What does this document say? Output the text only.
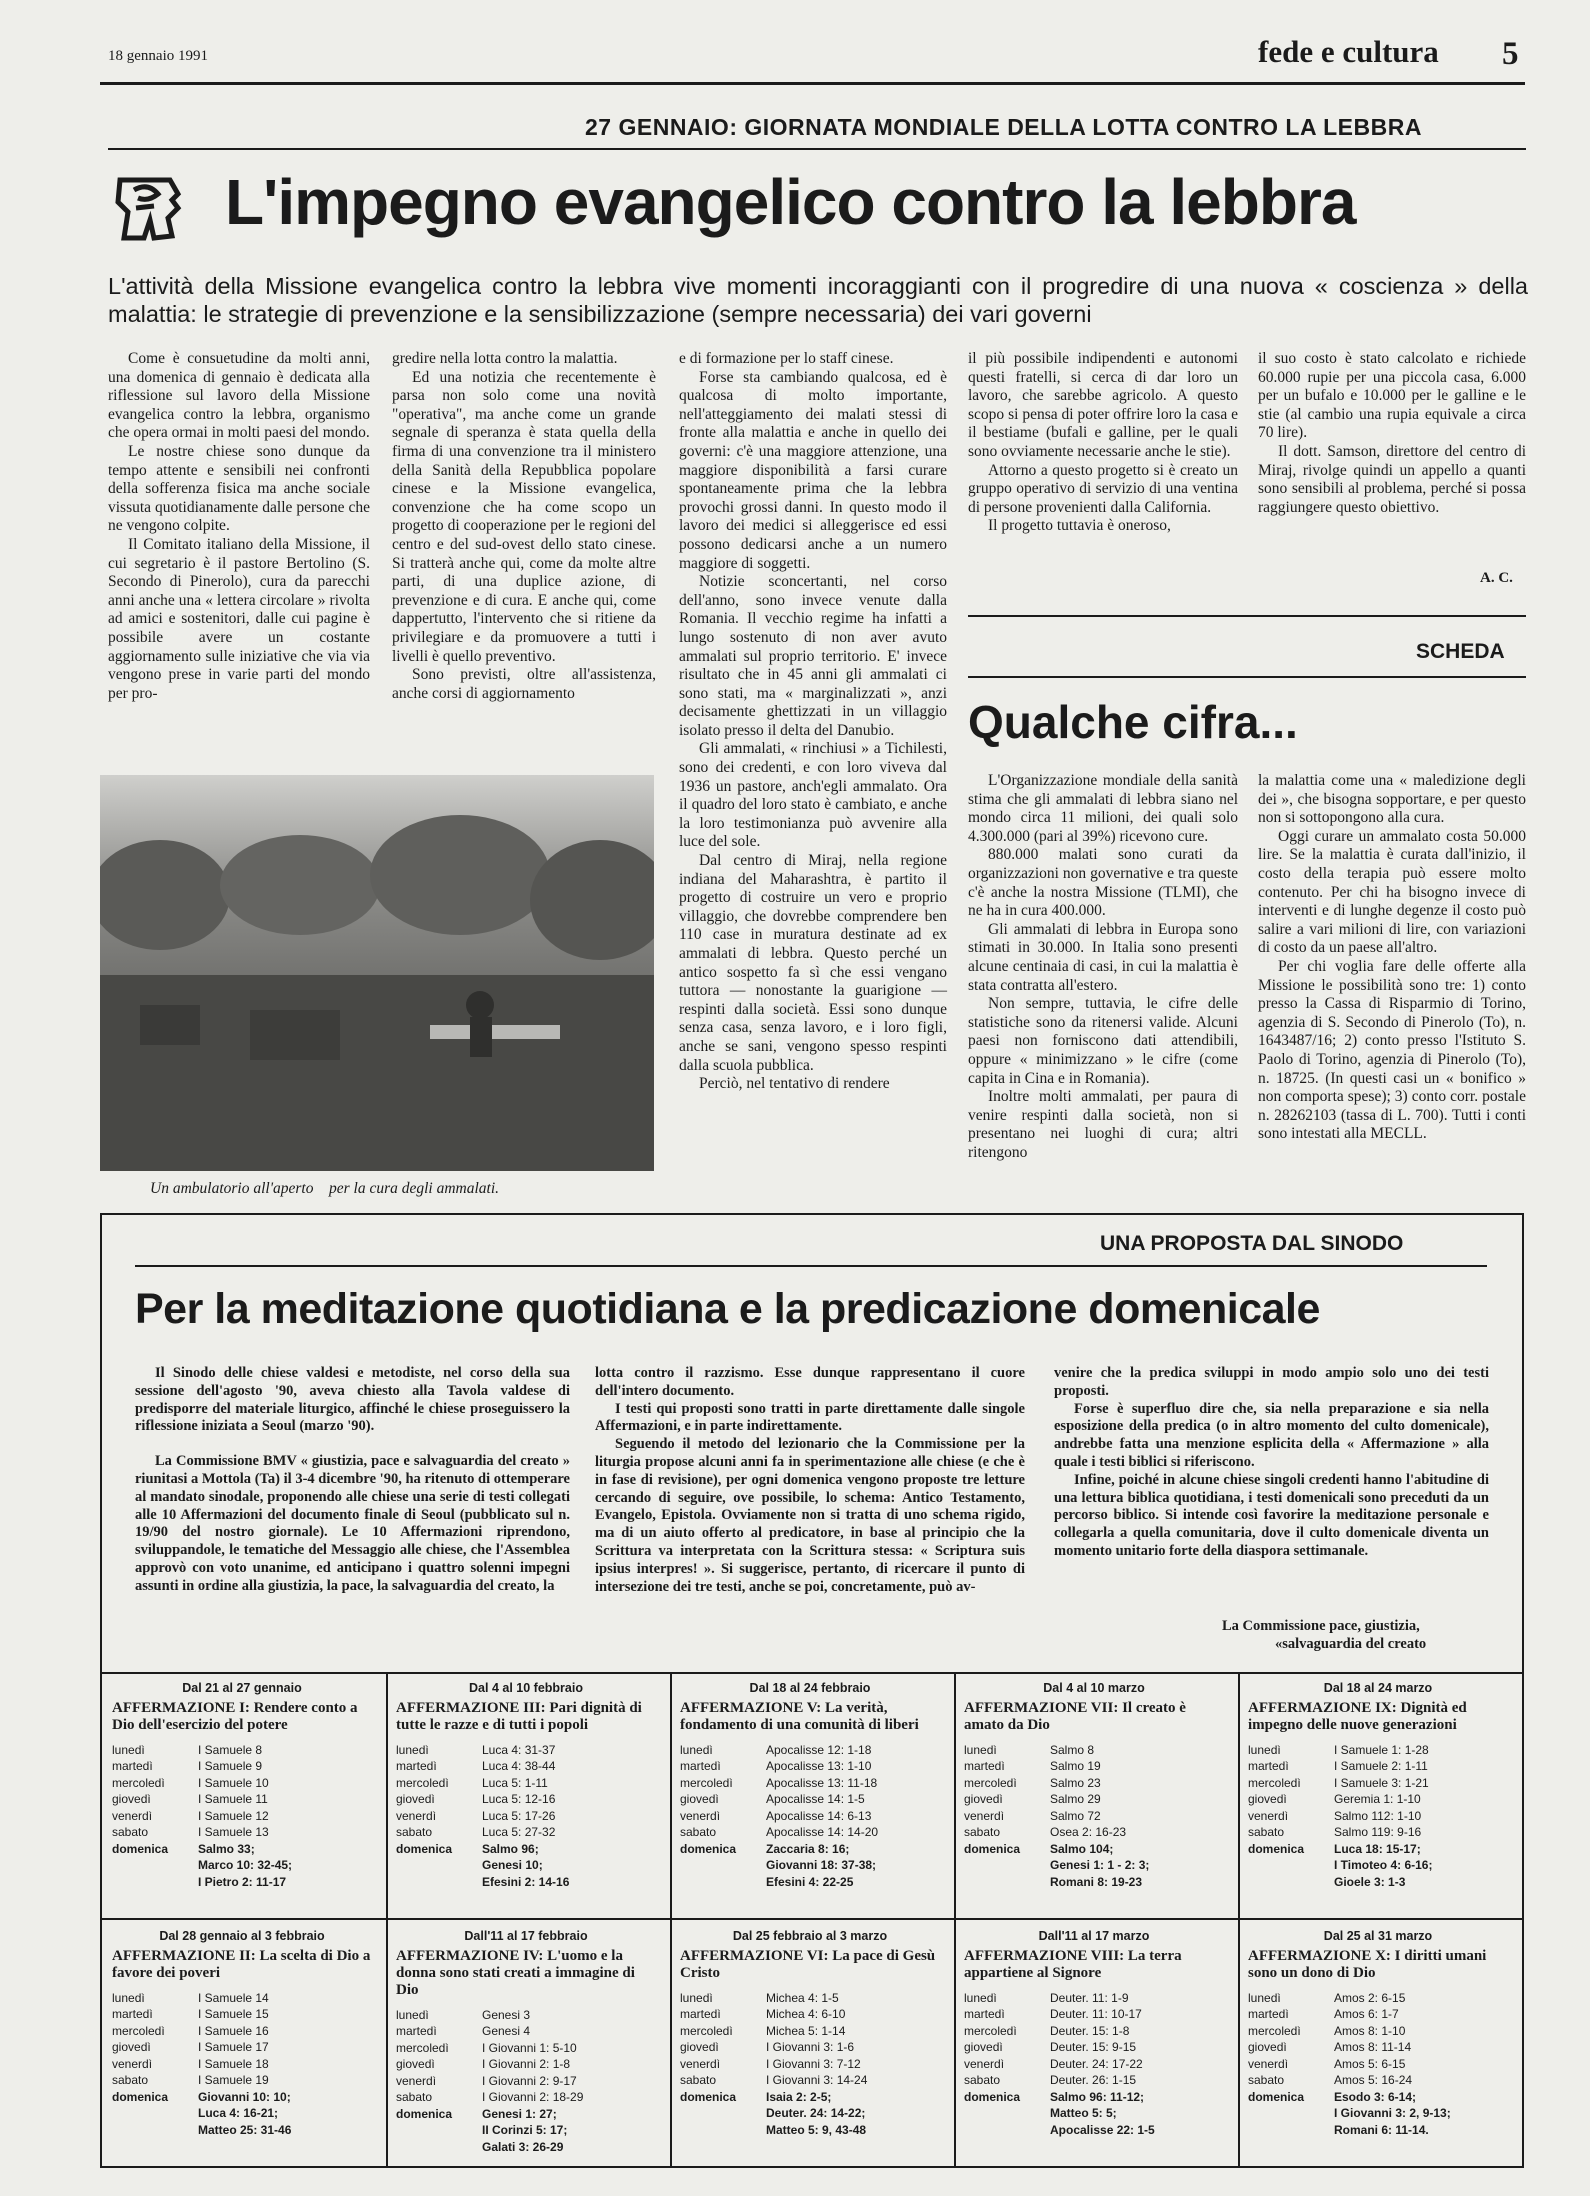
18 gennaio 1991	fede e cultura 5
27 GENNAIO: GIORNATA MONDIALE DELLA LOTTA CONTRO LA LEBBRA
L'impegno evangelico contro la lebbra
L'attività della Missione evangelica contro la lebbra vive momenti incoraggianti con il progredire di una nuova « coscienza » della malattia: le strategie di prevenzione e la sensibilizzazione (sempre necessaria) dei vari governi

Come è consuetudine da molti anni, una domenica di gennaio è dedicata alla riflessione sul lavoro della Missione evangelica contro la lebbra, organismo che opera ormai in molti paesi del mondo.

Le nostre chiese sono dunque da tempo attente e sensibili nei confronti della sofferenza fisica ma anche sociale vissuta quotidianamente dalle persone che ne vengono colpite.

Il Comitato italiano della Missione, il cui segretario è il pastore Bertolino (S. Secondo di Pinerolo), cura da parecchi anni anche una « lettera circolare » rivolta ad amici e sostenitori, dalle cui pagine è possibile avere un costante aggiornamento sulle iniziative che via via vengono prese in varie parti del mondo per pro-

gredire nella lotta contro la malattia.

Ed una notizia che recentemente è parsa non solo come una novità "operativa", ma anche come un grande segnale di speranza è stata quella della firma di una convenzione tra il ministero della Sanità della Repubblica popolare cinese e la Missione evangelica, convenzione che ha come scopo un progetto di cooperazione per le regioni del centro e del sud-ovest dello stato cinese. Si tratterà anche qui, come da molte altre parti, di una duplice azione, di prevenzione e di cura. E anche qui, come dappertutto, l'intervento che si ritiene da privilegiare e da promuovere a tutti i livelli è quello preventivo.

Sono previsti, oltre all'assistenza, anche corsi di aggiornamento

Un ambulatorio all'aperto    per la cura degli ammalati.

e di formazione per lo staff cinese.

Forse sta cambiando qualcosa, ed è qualcosa di molto importante, nell'atteggiamento dei malati stessi di fronte alla malattia e anche in quello dei governi: c'è una maggiore attenzione, una maggiore disponibilità a farsi curare spontaneamente prima che la lebbra provochi grossi danni. In questo modo il lavoro dei medici si alleggerisce ed essi possono dedicarsi anche a un numero maggiore di soggetti.

Notizie sconcertanti, nel corso dell'anno, sono invece venute dalla Romania. Il vecchio regime ha infatti a lungo sostenuto di non aver avuto ammalati sul proprio territorio. E' invece risultato che in 45 anni gli ammalati ci sono stati, ma « marginalizzati », anzi decisamente ghettizzati in un villaggio isolato presso il delta del Danubio.

Gli ammalati, « rinchiusi » a Tichilesti, sono dei credenti, e con loro viveva dal 1936 un pastore, anch'egli ammalato. Ora il quadro del loro stato è cambiato, e anche la loro testimonianza può avvenire alla luce del sole.

Dal centro di Miraj, nella regione indiana del Maharashtra, è partito il progetto di costruire un vero e proprio villaggio, che dovrebbe comprendere ben 110 case in muratura destinate ad ex ammalati di lebbra. Questo perché un antico sospetto fa sì che essi vengano tuttora — nonostante la guarigione — respinti dalla società. Essi sono dunque senza casa, senza lavoro, e i loro figli, anche se sani, vengono spesso respinti dalla scuola pubblica.

Perciò, nel tentativo di rendere

il più possibile indipendenti e autonomi questi fratelli, si cerca di dar loro un lavoro, che sarebbe agricolo. A questo scopo si pensa di poter offrire loro la casa e il bestiame (bufali e galline, per le quali sono ovviamente necessarie anche le stie).

Attorno a questo progetto si è creato un gruppo operativo di servizio di una ventina di persone provenienti dalla California.

Il progetto tuttavia è oneroso,

il suo costo è stato calcolato e richiede 60.000 rupie per una piccola casa, 6.000 per un bufalo e 10.000 per le galline e le stie (al cambio una rupia equivale a circa 70 lire).

Il dott. Samson, direttore del centro di Miraj, rivolge quindi un appello a quanti sono sensibili al problema, perché si possa raggiungere questo obiettivo.

A. C.
SCHEDA
Qualche cifra...

L'Organizzazione mondiale della sanità stima che gli ammalati di lebbra siano nel mondo circa 11 milioni, dei quali solo 4.300.000 (pari al 39%) ricevono cure.

880.000 malati sono curati da organizzazioni non governative e tra queste c'è anche la nostra Missione (TLMI), che ne ha in cura 400.000.

Gli ammalati di lebbra in Europa sono stimati in 30.000. In Italia sono presenti alcune centinaia di casi, in cui la malattia è stata contratta all'estero.

Non sempre, tuttavia, le cifre delle statistiche sono da ritenersi valide. Alcuni paesi non forniscono dati attendibili, oppure « minimizzano » le cifre (come capita in Cina e in Romania).

Inoltre molti ammalati, per paura di venire respinti dalla società, non si presentano nei luoghi di cura; altri ritengono

la malattia come una « maledizione degli dei », che bisogna sopportare, e per questo non si sottopongono alla cura.

Oggi curare un ammalato costa 50.000 lire. Se la malattia è curata dall'inizio, il costo della terapia può essere molto contenuto. Per chi ha bisogno invece di interventi e di lunghe degenze il costo può salire a vari milioni di lire, con variazioni di costo da un paese all'altro.

Per chi voglia fare delle offerte alla Missione le possibilità sono tre: 1) conto presso la Cassa di Risparmio di Torino, agenzia di S. Secondo di Pinerolo (To), n. 1643487/16; 2) conto presso l'Istituto S. Paolo di Torino, agenzia di Pinerolo (To), n. 18725. (In questi casi un « bonifico » non comporta spese); 3) conto corr. postale n. 28262103 (tassa di L. 700). Tutti i conti sono intestati alla MECLL.

UNA PROPOSTA DAL SINODO
Per la meditazione quotidiana e la predicazione domenicale

Il Sinodo delle chiese valdesi e metodiste, nel corso della sua sessione dell'agosto '90, aveva chiesto alla Tavola valdese di predisporre del materiale liturgico, affinché le chiese proseguissero la riflessione iniziata a Seoul (marzo '90).

La Commissione BMV « giustizia, pace e salvaguardia del creato » riunitasi a Mottola (Ta) il 3-4 dicembre '90, ha ritenuto di ottemperare al mandato sinodale, proponendo alle chiese una serie di testi collegati alle 10 Affermazioni del documento finale di Seoul (pubblicato sul n. 19/90 del nostro giornale). Le 10 Affermazioni riprendono, sviluppandole, le tematiche del Messaggio alle chiese, che l'Assemblea approvò con voto unanime, ed anticipano i quattro solenni impegni assunti in ordine alla giustizia, la pace, la salvaguardia del creato, la

lotta contro il razzismo. Esse dunque rappresentano il cuore dell'intero documento.

I testi qui proposti sono tratti in parte direttamente dalle singole Affermazioni, e in parte indirettamente.

Seguendo il metodo del lezionario che la Commissione per la liturgia propose alcuni anni fa in sperimentazione alle chiese (e che è in fase di revisione), per ogni domenica vengono proposte tre letture cercando di seguire, ove possibile, lo schema: Antico Testamento, Evangelo, Epistola. Ovviamente non si tratta di uno schema rigido, ma di un aiuto offerto al predicatore, in base al principio che la Scrittura va interpretata con la Scrittura stessa: « Scriptura suis ipsius interpres! ». Si suggerisce, pertanto, di ricercare il punto di intersezione dei tre testi, anche se poi, concretamente, può av-

venire che la predica sviluppi in modo ampio solo uno dei testi proposti.

Forse è superfluo dire che, sia nella preparazione e sia nella esposizione della predica (o in altro momento del culto domenicale), andrebbe fatta una menzione esplicita della « Affermazione » alla quale i testi biblici si riferiscono.

Infine, poiché in alcune chiese singoli credenti hanno l'abitudine di una lettura biblica quotidiana, i testi domenicali sono preceduti da un percorso biblico. Si intende così favorire la meditazione personale e collegarla a quella comunitaria, dove il culto domenicale diventa un momento unitario forte della diaspora settimanale.

La Commissione pace, giustizia,
«salvaguardia del creato
Dal 21 al 27 gennaio
AFFERMAZIONE I: Rendere conto a Dio dell'esercizio del potere
lunedì	I Samuele 8
martedì	I Samuele 9
mercoledì	I Samuele 10
giovedì	I Samuele 11
venerdì	I Samuele 12
sabato	I Samuele 13
domenica	Salmo 33;
Marco 10: 32-45;
I Pietro 2: 11-17
Dal 4 al 10 febbraio
AFFERMAZIONE III: Pari dignità di tutte le razze e di tutti i popoli
lunedì	Luca 4: 31-37
martedì	Luca 4: 38-44
mercoledì	Luca 5: 1-11
giovedì	Luca 5: 12-16
venerdì	Luca 5: 17-26
sabato	Luca 5: 27-32
domenica	Salmo 96;
Genesi 10;
Efesini 2: 14-16
Dal 18 al 24 febbraio
AFFERMAZIONE V: La verità, fondamento di una comunità di liberi
lunedì	Apocalisse 12: 1-18
martedì	Apocalisse 13: 1-10
mercoledì	Apocalisse 13: 11-18
giovedì	Apocalisse 14: 1-5
venerdì	Apocalisse 14: 6-13
sabato	Apocalisse 14: 14-20
domenica	Zaccaria 8: 16;
Giovanni 18: 37-38;
Efesini 4: 22-25
Dal 4 al 10 marzo
AFFERMAZIONE VII: Il creato è amato da Dio
lunedì	Salmo 8
martedì	Salmo 19
mercoledì	Salmo 23
giovedì	Salmo 29
venerdì	Salmo 72
sabato	Osea 2: 16-23
domenica	Salmo 104;
Genesi 1: 1 - 2: 3;
Romani 8: 19-23
Dal 18 al 24 marzo
AFFERMAZIONE IX: Dignità ed impegno delle nuove generazioni
lunedì	I Samuele 1: 1-28
martedì	I Samuele 2: 1-11
mercoledì	I Samuele 3: 1-21
giovedì	Geremia 1: 1-10
venerdì	Salmo 112: 1-10
sabato	Salmo 119: 9-16
domenica	Luca 18: 15-17;
I Timoteo 4: 6-16;
Gioele 3: 1-3
Dal 28 gennaio al 3 febbraio
AFFERMAZIONE II: La scelta di Dio a favore dei poveri
lunedì	I Samuele 14
martedì	I Samuele 15
mercoledì	I Samuele 16
giovedì	I Samuele 17
venerdì	I Samuele 18
sabato	I Samuele 19
domenica	Giovanni 10: 10;
Luca 4: 16-21;
Matteo 25: 31-46
Dall'11 al 17 febbraio
AFFERMAZIONE IV: L'uomo e la donna sono stati creati a immagine di Dio
lunedì	Genesi 3
martedì	Genesi 4
mercoledì	I Giovanni 1: 5-10
giovedì	I Giovanni 2: 1-8
venerdì	I Giovanni 2: 9-17
sabato	I Giovanni 2: 18-29
domenica	Genesi 1: 27;
II Corinzi 5: 17;
Galati 3: 26-29
Dal 25 febbraio al 3 marzo
AFFERMAZIONE VI: La pace di Gesù Cristo
lunedì	Michea 4: 1-5
martedì	Michea 4: 6-10
mercoledì	Michea 5: 1-14
giovedì	I Giovanni 3: 1-6
venerdì	I Giovanni 3: 7-12
sabato	I Giovanni 3: 14-24
domenica	Isaia 2: 2-5;
Deuter. 24: 14-22;
Matteo 5: 9, 43-48
Dall'11 al 17 marzo
AFFERMAZIONE VIII: La terra appartiene al Signore
lunedì	Deuter. 11: 1-9
martedì	Deuter. 11: 10-17
mercoledì	Deuter. 15: 1-8
giovedì	Deuter. 15: 9-15
venerdì	Deuter. 24: 17-22
sabato	Deuter. 26: 1-15
domenica	Salmo 96: 11-12;
Matteo 5: 5;
Apocalisse 22: 1-5
Dal 25 al 31 marzo
AFFERMAZIONE X: I diritti umani sono un dono di Dio
lunedì	Amos 2: 6-15
martedì	Amos 6: 1-7
mercoledì	Amos 8: 1-10
giovedì	Amos 8: 11-14
venerdì	Amos 5: 6-15
sabato	Amos 5: 16-24
domenica	Esodo 3: 6-14;
I Giovanni 3: 2, 9-13;
Romani 6: 11-14.
